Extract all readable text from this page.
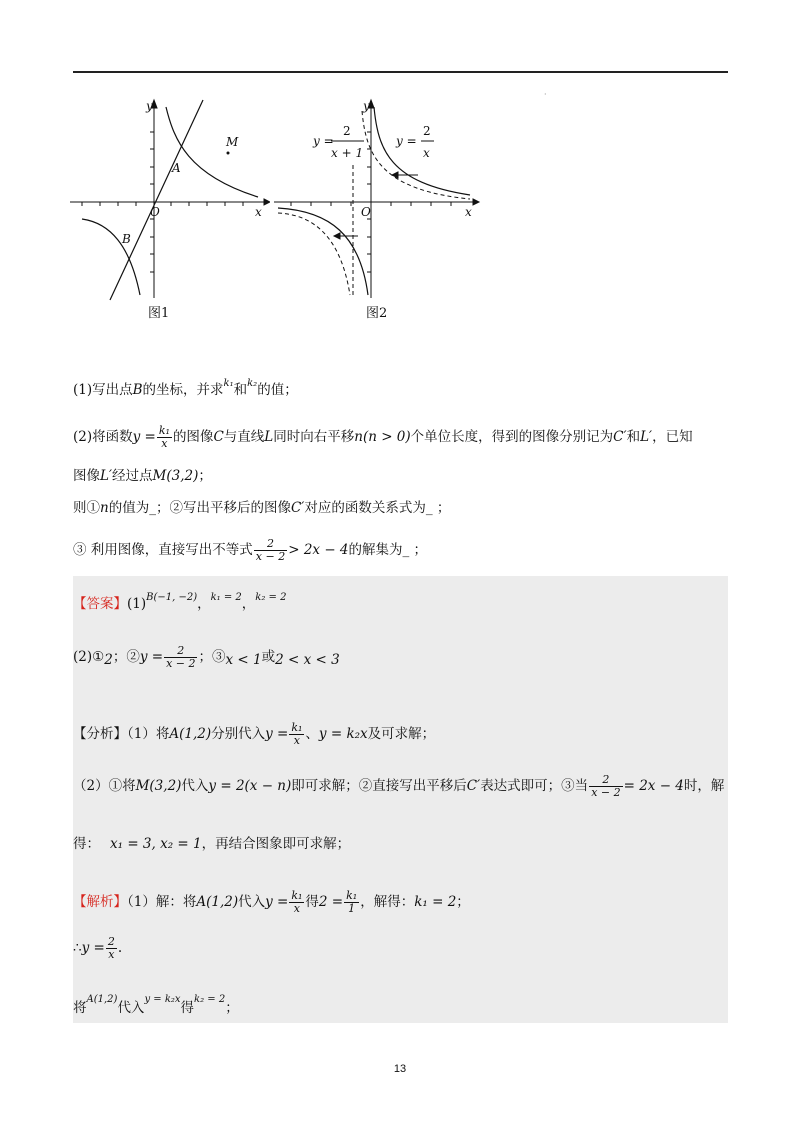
·
y
x
O
A
M
B
图1
y
x
O
y =
2
x + 1
y =
2
x
图2
(1)写出点B的坐标，并求$^{k_1}$和$^{k_2}$的值；
(2)将函数$y = \frac{\text{k₁}}{x}$ 的图像C与直线L同时向右平移n(n > 0)个单位长度，得到的图像分别记为C′和L′，已知
图像L′经过点M(3,2)；
则①n的值为_；②写出平移后的图像C′对应的函数关系式为_ ；
③ 利用图像，直接写出不等式 $\frac{2}{x - 2} > 2x - 4$的解集为_ ；
【答案】$(1)^{B(-1, -2)}$，$^{k_1 = 2}$，$^{k_2 = 2}$
(2)①2；②y = $\frac{2}{x - 2}$ ；③x < 1或2 < x < 3
【分析】（1）将A(1,2)分别代入$y = \frac{\text{k₁}}{x}$ 、y = k₂x及可求解；
（2）①将M(3,2)代入y = 2(x − n)即可求解；②直接写出平移后C′表达式即可；③当 $\frac{2}{x - 2} = 2x - 4$时，解
得： x₁ = 3, x₂ = 1，再结合图象即可求解；
【解析】（1）解：将A(1,2)代入$y = \frac{\text{k₁}}{x}$ 得$2 = \frac{\text{k₁}}{1}$ ，解得：k₁ = 2；
∴y = $\frac{2}{x}$ .
将$^{A(1,2)}$代入$^{y = k_2x}$得$^{k_2 = 2}$；
13
